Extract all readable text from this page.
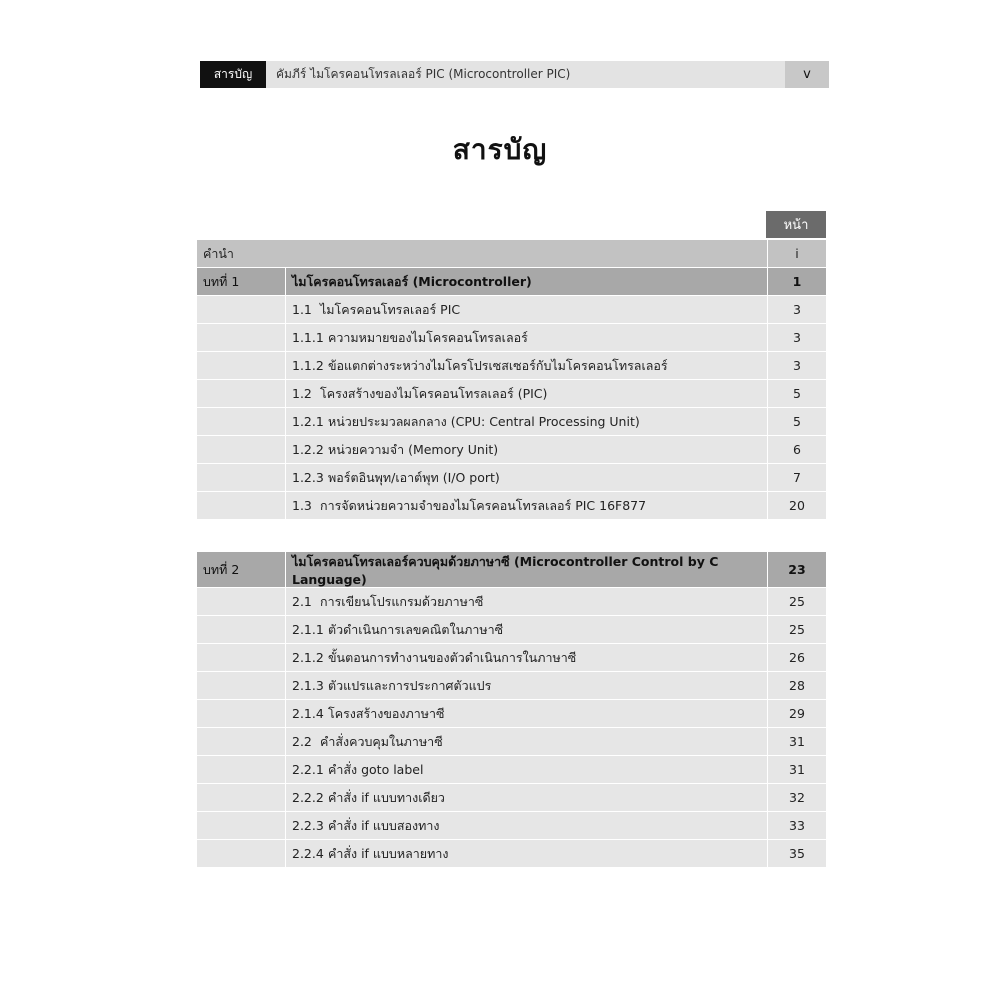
สารบัญ	คัมภีร์ ไมโครคอนโทรลเลอร์ PIC (Microcontroller PIC)	v
สารบัญ
หน้า
คำนำ		i
บทที่ 1	ไมโครคอนโทรลเลอร์ (Microcontroller)	1
	1.1 ไมโครคอนโทรลเลอร์ PIC	3
	1.1.1 ความหมายของไมโครคอนโทรลเลอร์	3
	1.1.2 ข้อแตกต่างระหว่างไมโครโปรเซสเซอร์กับไมโครคอนโทรลเลอร์	3
	1.2 โครงสร้างของไมโครคอนโทรลเลอร์ (PIC)	5
	1.2.1 หน่วยประมวลผลกลาง (CPU: Central Processing Unit)	5
	1.2.2 หน่วยความจำ (Memory Unit)	6
	1.2.3 พอร์ตอินพุท/เอาต์พุท (I/O port)	7
	1.3 การจัดหน่วยความจำของไมโครคอนโทรลเลอร์ PIC 16F877	20
บทที่ 2	ไมโครคอนโทรลเลอร์ควบคุมด้วยภาษาซี (Microcontroller Control by C Language)	23
	2.1 การเขียนโปรแกรมด้วยภาษาซี	25
	2.1.1 ตัวดำเนินการเลขคณิตในภาษาซี	25
	2.1.2 ขั้นตอนการทำงานของตัวดำเนินการในภาษาซี	26
	2.1.3 ตัวแปรและการประกาศตัวแปร	28
	2.1.4 โครงสร้างของภาษาซี	29
	2.2 คำสั่งควบคุมในภาษาซี	31
	2.2.1 คำสั่ง goto label	31
	2.2.2 คำสั่ง if แบบทางเดียว	32
	2.2.3 คำสั่ง if แบบสองทาง	33
	2.2.4 คำสั่ง if แบบหลายทาง	35
